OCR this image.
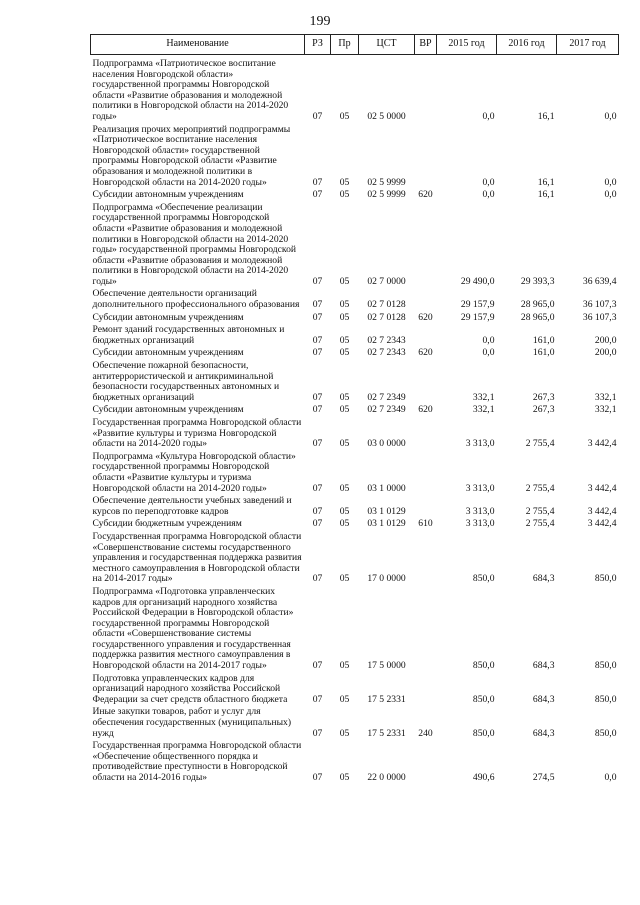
199
Наименование	РЗ	Пр	ЦСТ	ВР	2015 год	2016 год	2017 год
Подпрограмма «Патриотическое воспитание населения Новгородской области» государственной программы Новгородской области «Развитие образования и молодежной политики в Новгородской области на 2014-2020 годы»	07	05	02 5 0000		0,0	16,1	0,0
Реализация прочих мероприятий подпрограммы «Патриотическое воспитание населения Новгородской области» государственной программы Новгородской области «Развитие образования и молодежной политики в Новгородской области на 2014-2020 годы»	07	05	02 5 9999		0,0	16,1	0,0
Субсидии автономным учреждениям	07	05	02 5 9999	620	0,0	16,1	0,0
Подпрограмма «Обеспечение реализации государственной программы Новгородской области «Развитие образования и молодежной политики в Новгородской области на 2014-2020 годы» государственной программы Новгородской области «Развитие образования и молодежной политики в Новгородской области на 2014-2020 годы»	07	05	02 7 0000		29 490,0	29 393,3	36 639,4
Обеспечение деятельности организаций дополнительного профессионального образования	07	05	02 7 0128		29 157,9	28 965,0	36 107,3
Субсидии автономным учреждениям	07	05	02 7 0128	620	29 157,9	28 965,0	36 107,3
Ремонт зданий государственных автономных и бюджетных организаций	07	05	02 7 2343		0,0	161,0	200,0
Субсидии автономным учреждениям	07	05	02 7 2343	620	0,0	161,0	200,0
Обеспечение пожарной безопасности, антитеррористической и антикриминальной безопасности государственных автономных и бюджетных организаций	07	05	02 7 2349		332,1	267,3	332,1
Субсидии автономным учреждениям	07	05	02 7 2349	620	332,1	267,3	332,1
Государственная программа Новгородской области «Развитие культуры и туризма Новгородской области на 2014-2020 годы»	07	05	03 0 0000		3 313,0	2 755,4	3 442,4
Подпрограмма «Культура Новгородской области» государственной программы Новгородской области «Развитие культуры и туризма Новгородской области на 2014-2020 годы»	07	05	03 1 0000		3 313,0	2 755,4	3 442,4
Обеспечение деятельности учебных заведений и курсов по переподготовке кадров	07	05	03 1 0129		3 313,0	2 755,4	3 442,4
Субсидии бюджетным учреждениям	07	05	03 1 0129	610	3 313,0	2 755,4	3 442,4
Государственная программа Новгородской области «Совершенствование системы государственного управления и государственная поддержка развития местного самоуправления в Новгородской области на 2014-2017 годы»	07	05	17 0 0000		850,0	684,3	850,0
Подпрограмма «Подготовка управленческих кадров для организаций народного хозяйства Российской Федерации в Новгородской области» государственной программы Новгородской области «Совершенствование системы государственного управления и государственная поддержка развития местного самоуправления в Новгородской области на 2014-2017 годы»	07	05	17 5 0000		850,0	684,3	850,0
Подготовка управленческих кадров для организаций народного хозяйства Российской Федерации за счет средств областного бюджета	07	05	17 5 2331		850,0	684,3	850,0
Иные закупки товаров, работ и услуг для обеспечения государственных (муниципальных) нужд	07	05	17 5 2331	240	850,0	684,3	850,0
Государственная программа Новгородской области «Обеспечение общественного порядка и противодействие преступности в Новгородской области на 2014-2016 годы»	07	05	22 0 0000		490,6	274,5	0,0
